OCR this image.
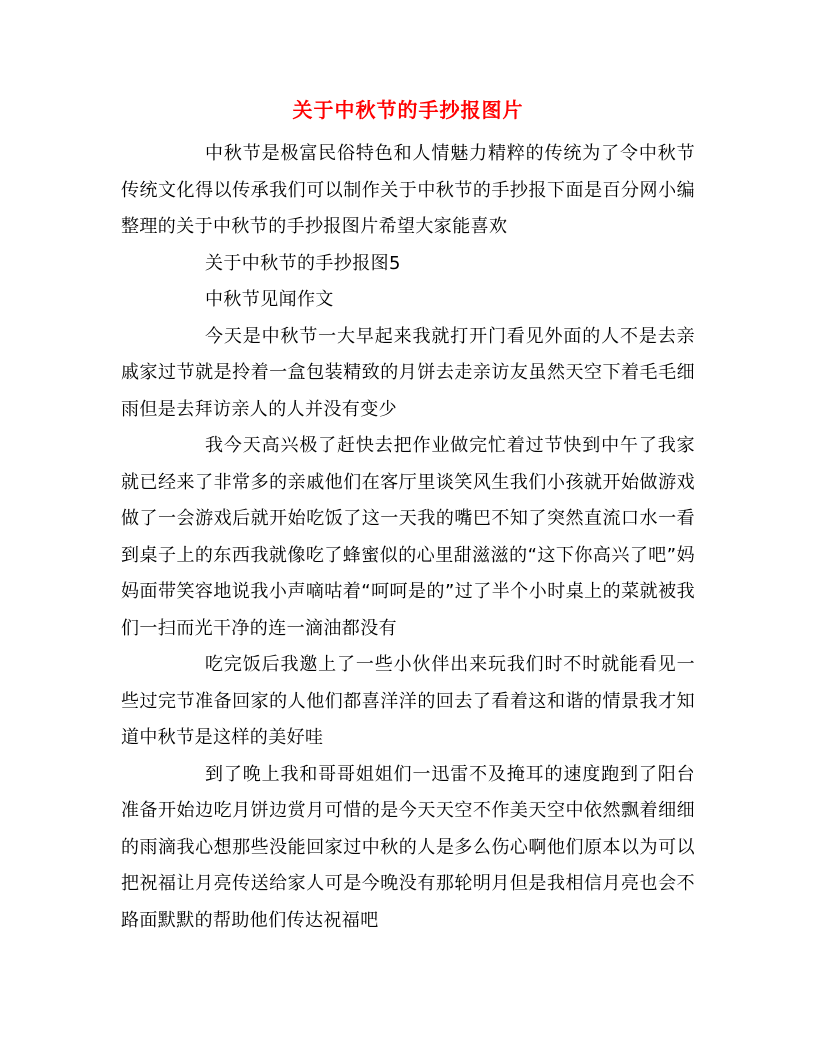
关于中秋节的手抄报图片

中秋节是极富民俗特色和人情魅力精粹的传统为了令中秋节传统文化得以传承我们可以制作关于中秋节的手抄报下面是百分网小编整理的关于中秋节的手抄报图片希望大家能喜欢

关于中秋节的手抄报图5

中秋节见闻作文

今天是中秋节一大早起来我就打开门看见外面的人不是去亲戚家过节就是拎着一盒包装精致的月饼去走亲访友虽然天空下着毛毛细雨但是去拜访亲人的人并没有变少

我今天高兴极了赶快去把作业做完忙着过节快到中午了我家就已经来了非常多的亲戚他们在客厅里谈笑风生我们小孩就开始做游戏做了一会游戏后就开始吃饭了这一天我的嘴巴不知了突然直流口水一看到桌子上的东西我就像吃了蜂蜜似的心里甜滋滋的“这下你高兴了吧”妈妈面带笑容地说我小声嘀咕着“呵呵是的”过了半个小时桌上的菜就被我们一扫而光干净的连一滴油都没有

吃完饭后我邀上了一些小伙伴出来玩我们时不时就能看见一些过完节准备回家的人他们都喜洋洋的回去了看着这和谐的情景我才知道中秋节是这样的美好哇

到了晚上我和哥哥姐姐们一迅雷不及掩耳的速度跑到了阳台准备开始边吃月饼边赏月可惜的是今天天空不作美天空中依然飘着细细的雨滴我心想那些没能回家过中秋的人是多么伤心啊他们原本以为可以把祝福让月亮传送给家人可是今晚没有那轮明月但是我相信月亮也会不路面默默的帮助他们传达祝福吧
